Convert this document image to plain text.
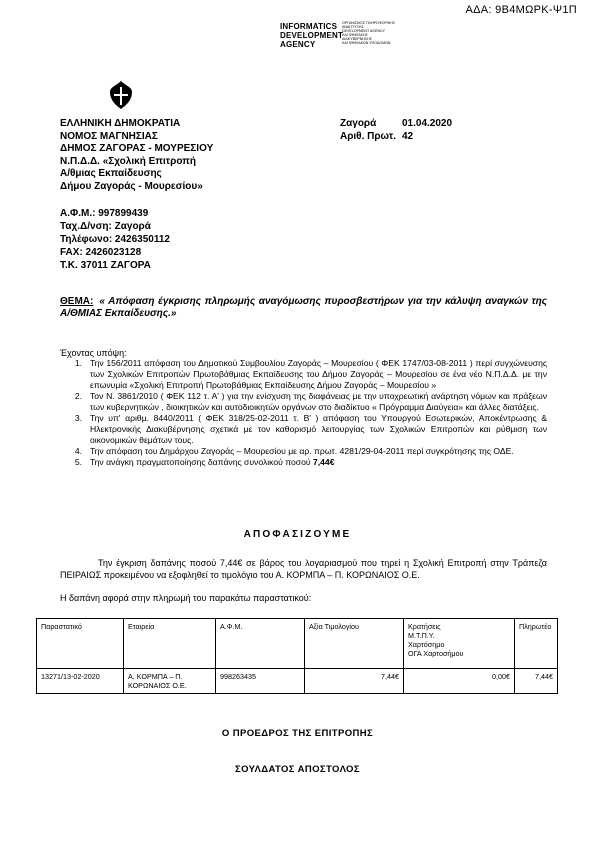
ΑΔΑ: 9Β4ΜΩΡΚ-Ψ1Π
INFORMATICS
DEVELOPMENT
AGENCY
ΟΡΓΑΝΙΣΜΟΣ ΠΛΗΡΟΦΟΡΙΚΗΣ
ΑΝΑΠΤΥΞΗΣ
DEVELOPMENT AGENCY
ΚΑΙ ΨΗΦΙΑΚΗΣ
ΔΙΑΚΥΒΕΡΝΗΣΗΣ
ΚΑΙ ΨΗΦΙΑΚΩΝ ΥΠΟΔΟΜΩΝ
ΕΛΛΗΝΙΚΗ ΔΗΜΟΚΡΑΤΙΑ
ΝΟΜΟΣ ΜΑΓΝΗΣΙΑΣ
ΔΗΜΟΣ ΖΑΓΟΡΑΣ - ΜΟΥΡΕΣΙΟΥ
Ν.Π.Δ.Δ. «Σχολική Επιτροπή
Α/θμιας Εκπαίδευσης
Δήμου Ζαγοράς - Μουρεσίου»
Ζαγορά	01.04.2020
Αριθ. Πρωτ. 42
Α.Φ.Μ.: 997899439
Ταχ.Δ/νση: Ζαγορά
Τηλέφωνο: 2426350112
FAX: 2426023128
Τ.Κ. 37011 ΖΑΓΟΡΑ
ΘΕΜΑ: « Απόφαση έγκρισης πληρωμής αναγόμωσης πυροσβεστήρων για την κάλυψη αναγκών της Α/ΘΜΙΑΣ Εκπαίδευσης.»
Έχοντας υπόψη:
1. Την 156/2011 απόφαση του Δημοτικού Συμβουλίου Ζαγοράς – Μουρεσίου ( ΦΕΚ 1747/03-08-2011 ) περί συγχώνευσης των Σχολικών Επιτροπών Πρωτοβάθμιας Εκπαίδευσης του Δήμου Ζαγοράς – Μουρεσίου σε ένα νέο Ν.Π.Δ.Δ. με την επωνυμία «Σχολική Επιτροπή Πρωτοβάθμιας Εκπαίδευσης Δήμου Ζαγοράς – Μουρεσίου »
2. Τον Ν. 3861/2010 ( ΦΕΚ 112 τ. Α' ) για την ενίσχυση της διαφάνειας με την υποχρεωτική ανάρτηση νόμων και πράξεων των κυβερνητικών , διοικητικών και αυτοδιοικητών οργάνων στο διαδίκτυο « Πρόγραμμα Διαύγεια» και άλλες διατάξεις.
3. Την υπ' αριθμ. 8440/2011 ( ΦΕΚ 318/25-02-2011 τ. Β' ) απόφαση του Υπουργού Εσωτερικών, Αποκέντρωσης & Ηλεκτρονικής Διακυβέρνησης σχετικά με τον καθορισμό λειτουργίας των Σχολικών Επιτροπών και ρύθμιση των οικονομικών θεμάτων τους.
4. Την απόφαση του Δημάρχου Ζαγοράς – Μουρεσίου με αρ. πρωτ. 4281/29-04-2011 περί συγκρότησης της ΟΔΕ.
5. Την ανάγκη πραγματοποίησης δαπάνης συνολικού ποσού 7,44€
ΑΠΟΦΑΣΙΖΟΥΜΕ
Την έγκριση δαπάνης ποσού 7,44€ σε βάρος του λογαριασμού που τηρεί η Σχολική Επιτροπή στην Τράπεζα ΠΕΙΡΑΙΩΣ προκειμένου να εξοφληθεί το τιμολόγιο του Α. ΚΟΡΜΠΑ – Π. ΚΟΡΩΝΑΙΟΣ Ο.Ε.
Η δαπάνη αφορά στην πληρωμή του παρακάτω παραστατικού:
Παραστατικό	Εταιρεία	Α.Φ.Μ.	Αξία Τιμολογίου	Κρατήσεις
Μ.Τ.Π.Υ.
Χαρτόσημο
ΟΓΑ Χαρτοσήμου	Πληρωτέο
13271/13-02-2020	Α. ΚΟΡΜΠΑ – Π. ΚΟΡΩΝΑΙΟΣ Ο.Ε.	998263435	7,44€	0,00€	7,44€
Ο ΠΡΟΕΔΡΟΣ ΤΗΣ ΕΠΙΤΡΟΠΗΣ
ΣΟΥΛΔΑΤΟΣ ΑΠΟΣΤΟΛΟΣ
